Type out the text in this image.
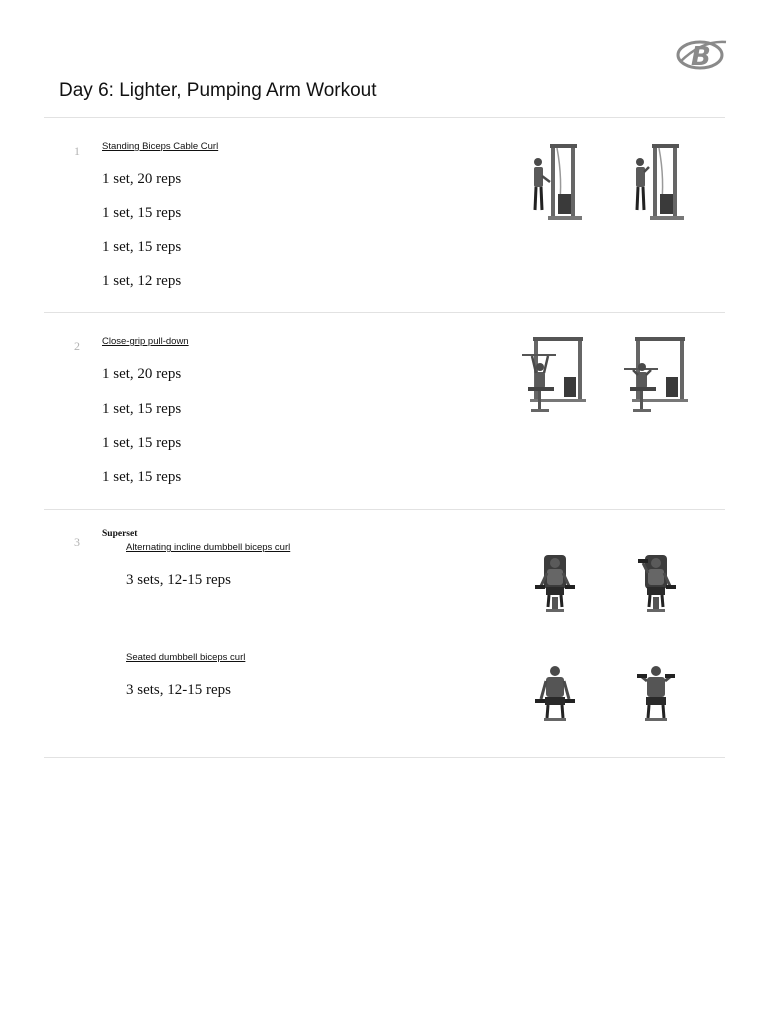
B
Day 6: Lighter, Pumping Arm Workout
1 Standing Biceps Cable Curl
1 set, 20 reps
1 set, 15 reps
1 set, 15 reps
1 set, 12 reps
2 Close-grip pull-down
1 set, 20 reps
1 set, 15 reps
1 set, 15 reps
1 set, 15 reps
3
Superset
Alternating incline dumbbell biceps curl
3 sets, 12-15 reps
Seated dumbbell biceps curl
3 sets, 12-15 reps
